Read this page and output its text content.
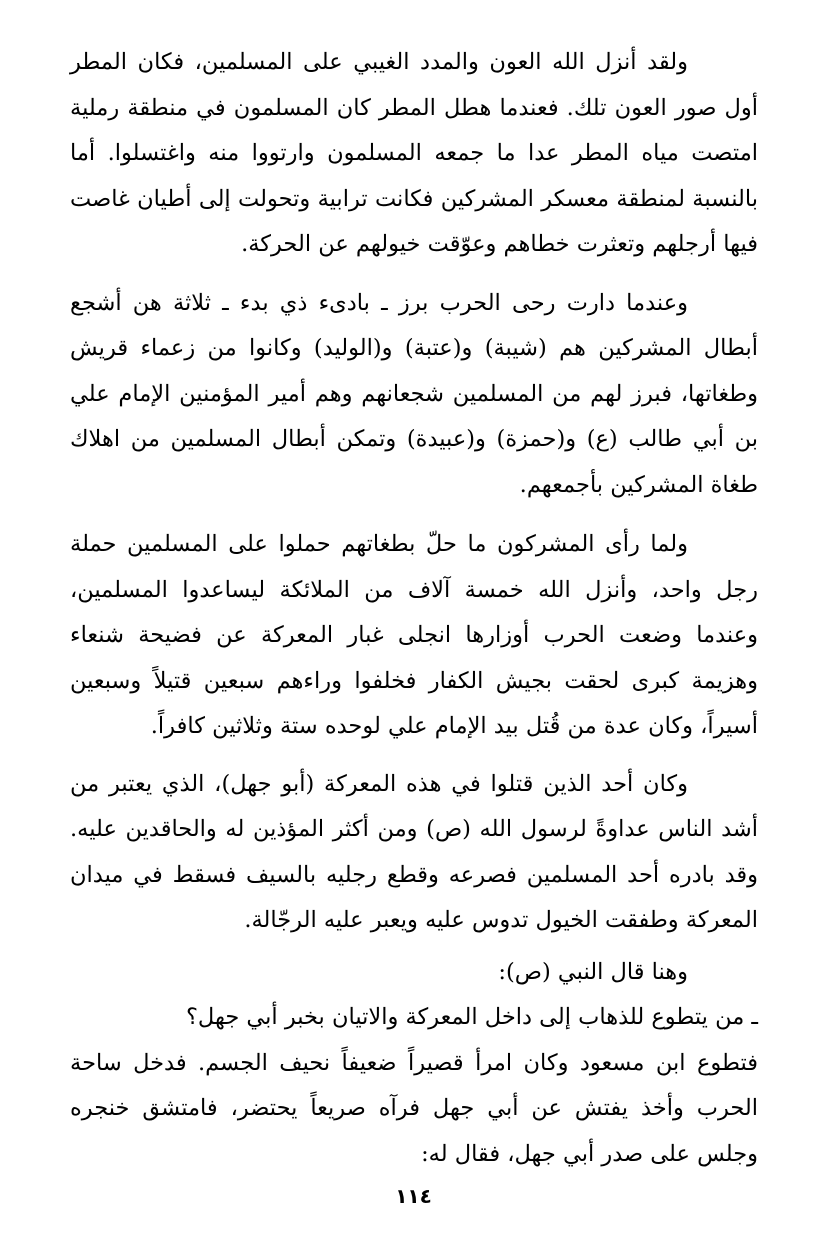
ولقد أنزل الله العون والمدد الغيبي على المسلمين، فكان المطر أول صور العون تلك. فعندما هطل المطر كان المسلمون في منطقة رملية امتصت مياه المطر عدا ما جمعه المسلمون وارتووا منه واغتسلوا. أما بالنسبة لمنطقة معسكر المشركين فكانت ترابية وتحولت إلى أطيان غاصت فيها أرجلهم وتعثرت خطاهم وعوّقت خيولهم عن الحركة.

وعندما دارت رحى الحرب برز ـ بادىء ذي بدء ـ ثلاثة هن أشجع أبطال المشركين هم (شيبة) و(عتبة) و(الوليد) وكانوا من زعماء قريش وطغاتها، فبرز لهم من المسلمين شجعانهم وهم أمير المؤمنين الإمام علي بن أبي طالب (ع) و(حمزة) و(عبيدة) وتمكن أبطال المسلمين من اهلاك طغاة المشركين بأجمعهم.

ولما رأى المشركون ما حلّ بطغاتهم حملوا على المسلمين حملة رجل واحد، وأنزل الله خمسة آلاف من الملائكة ليساعدوا المسلمين، وعندما وضعت الحرب أوزارها انجلى غبار المعركة عن فضيحة شنعاء وهزيمة كبرى لحقت بجيش الكفار فخلفوا وراءهم سبعين قتيلاً وسبعين أسيراً، وكان عدة من قُتل بيد الإمام علي لوحده ستة وثلاثين كافراً.

وكان أحد الذين قتلوا في هذه المعركة (أبو جهل)، الذي يعتبر من أشد الناس عداوةً لرسول الله (ص) ومن أكثر المؤذين له والحاقدين عليه. وقد بادره أحد المسلمين فصرعه وقطع رجليه بالسيف فسقط في ميدان المعركة وطفقت الخيول تدوس عليه ويعبر عليه الرجّالة.

وهنا قال النبي (ص):

ـ من يتطوع للذهاب إلى داخل المعركة والاتيان بخبر أبي جهل؟

فتطوع ابن مسعود وكان امرأ قصيراً ضعيفاً نحيف الجسم. فدخل ساحة الحرب وأخذ يفتش عن أبي جهل فرآه صريعاً يحتضر، فامتشق خنجره وجلس على صدر أبي جهل، فقال له:

١١٤
